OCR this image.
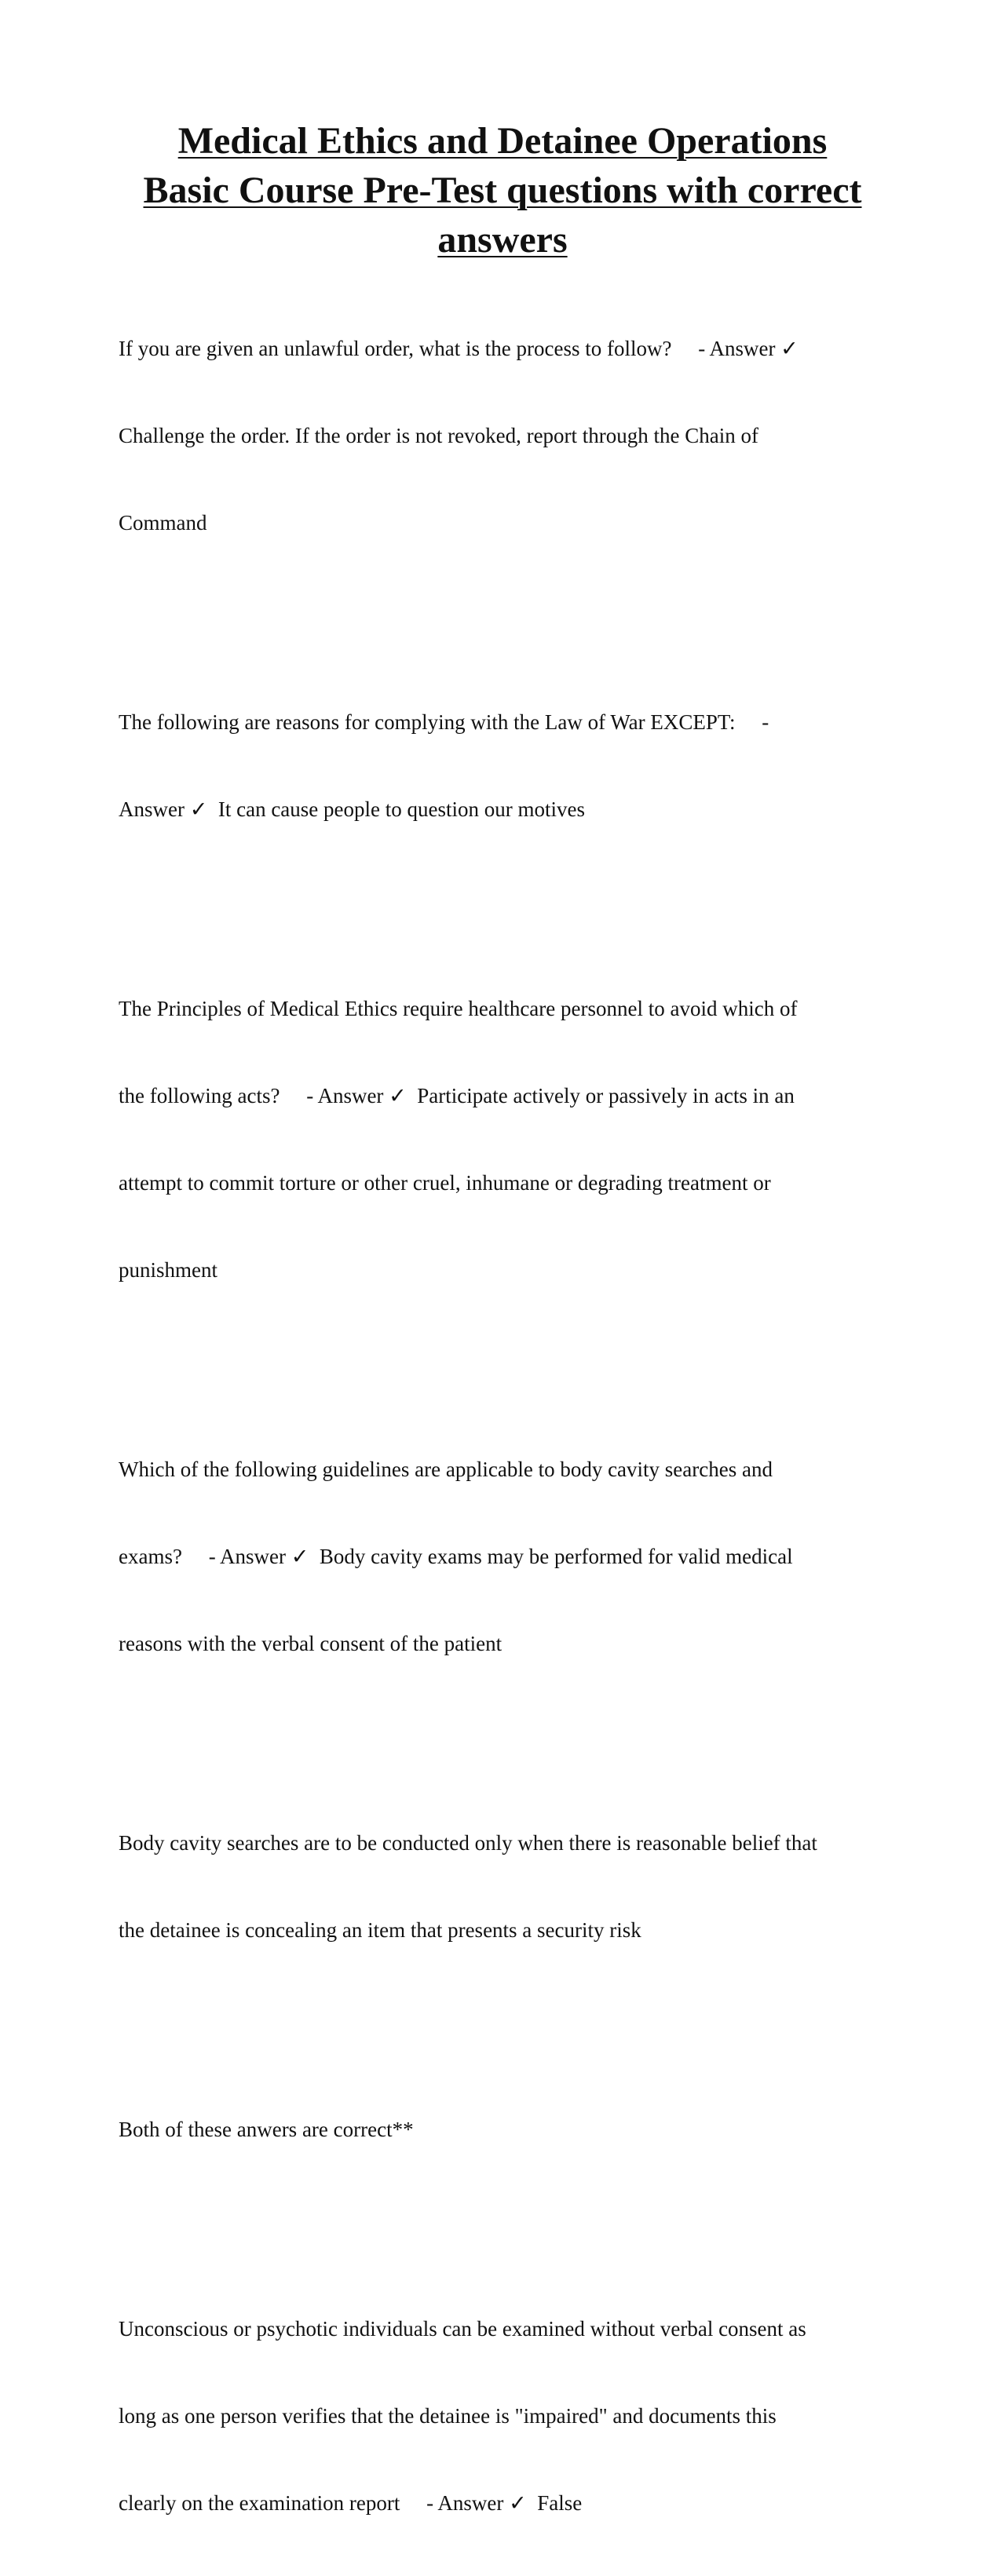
Medical Ethics and Detainee Operations
Basic Course Pre-Test questions with correct
answers

If you are given an unlawful order, what is the process to follow?     - Answer ✓

Challenge the order. If the order is not revoked, report through the Chain of

Command

The following are reasons for complying with the Law of War EXCEPT:     -

Answer ✓  It can cause people to question our motives

The Principles of Medical Ethics require healthcare personnel to avoid which of

the following acts?     - Answer ✓  Participate actively or passively in acts in an

attempt to commit torture or other cruel, inhumane or degrading treatment or

punishment

Which of the following guidelines are applicable to body cavity searches and

exams?     - Answer ✓  Body cavity exams may be performed for valid medical

reasons with the verbal consent of the patient

Body cavity searches are to be conducted only when there is reasonable belief that

the detainee is concealing an item that presents a security risk

Both of these anwers are correct**

Unconscious or psychotic individuals can be examined without verbal consent as

long as one person verifies that the detainee is "impaired" and documents this

clearly on the examination report     - Answer ✓  False
